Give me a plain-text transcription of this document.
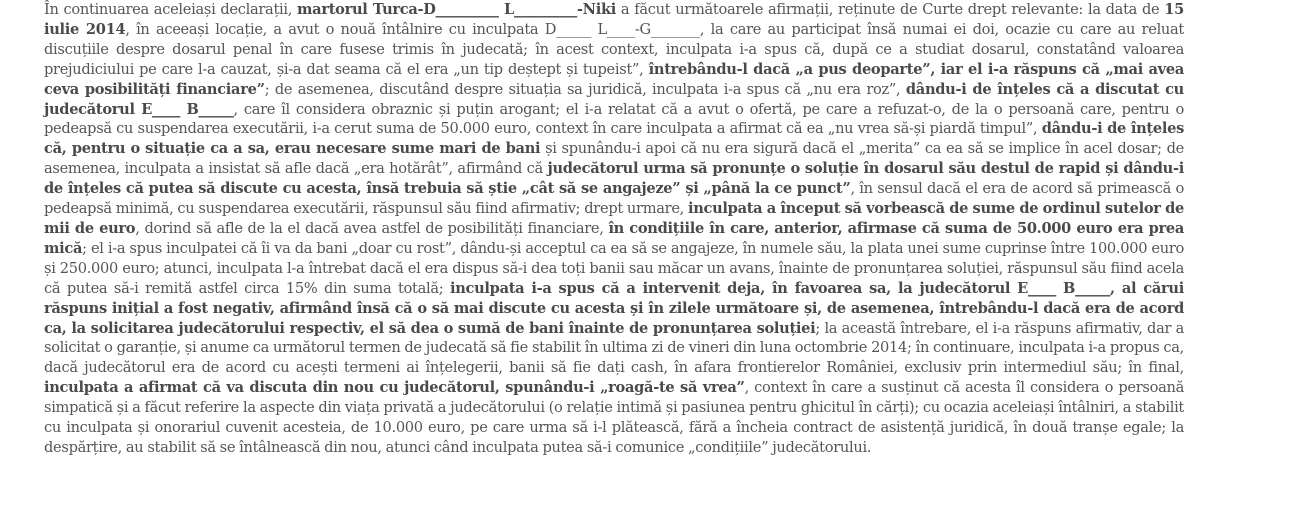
În continuarea aceleiași declarații, martorul Turca-D_________ L_________-Niki a făcut următoarele afirmații, reținute de Curte drept relevante: la data de 15 iulie 2014, în aceeași locație, a avut o nouă întâlnire cu inculpata D_____ L____-G_______, la care au participat însă numai ei doi, ocazie cu care au reluat discuțiile despre dosarul penal în care fusese trimis în judecată; în acest context, inculpata i-a spus că, după ce a studiat dosarul, constatând valoarea prejudiciului pe care l-a cauzat, și-a dat seama că el era „un tip deștept și tupeist”, întrebându-l dacă „a pus deoparte”, iar el i-a răspuns că „mai avea ceva posibilități financiare”; de asemenea, discutând despre situația sa juridică, inculpata i-a spus că „nu era roz”, dându-i de înțeles că a discutat cu judecătorul E____ B_____, care îl considera obraznic și puțin arogant; el i-a relatat că a avut o ofertă, pe care a refuzat-o, de la o persoană care, pentru o pedeapsă cu suspendarea executării, i-a cerut suma de 50.000 euro, context în care inculpata a afirmat că ea „nu vrea să-și piardă timpul”, dându-i de înțeles că, pentru o situație ca a sa, erau necesare sume mari de bani și spunându-i apoi că nu era sigură dacă el „merita” ca ea să se implice în acel dosar; de asemenea, inculpata a insistat să afle dacă „era hotărât”, afirmând că judecătorul urma să pronunțe o soluție în dosarul său destul de rapid și dându-i de înțeles că putea să discute cu acesta, însă trebuia să știe „cât să se angajeze” și „până la ce punct”, în sensul dacă el era de acord să primească o pedeapsă minimă, cu suspendarea executării, răspunsul său fiind afirmativ; drept urmare, inculpata a început să vorbească de sume de ordinul sutelor de mii de euro, dorind să afle de la el dacă avea astfel de posibilități financiare, în condițiile în care, anterior, afirmase că suma de 50.000 euro era prea mică; el i-a spus inculpatei că îi va da bani „doar cu rost”, dându-și acceptul ca ea să se angajeze, în numele său, la plata unei sume cuprinse între 100.000 euro și 250.000 euro; atunci, inculpata l-a întrebat dacă el era dispus să-i dea toți banii sau măcar un avans, înainte de pronunțarea soluției, răspunsul său fiind acela că putea să-i remită astfel circa 15% din suma totală; inculpata i-a spus că a intervenit deja, în favoarea sa, la judecătorul E____ B_____, al cărui răspuns inițial a fost negativ, afirmând însă că o să mai discute cu acesta și în zilele următoare și, de asemenea, întrebându-l dacă era de acord ca, la solicitarea judecătorului respectiv, el să dea o sumă de bani înainte de pronunțarea soluției; la această întrebare, el i-a răspuns afirmativ, dar a solicitat o garanție, și anume ca următorul termen de judecată să fie stabilit în ultima zi de vineri din luna octombrie 2014; în continuare, inculpata i-a propus ca, dacă judecătorul era de acord cu acești termeni ai înțelegerii, banii să fie dați cash, în afara frontierelor României, exclusiv prin intermediul său; în final, inculpata a afirmat că va discuta din nou cu judecătorul, spunându-i „roagă-te să vrea”, context în care a susținut că acesta îl considera o persoană simpatică și a făcut referire la aspecte din viața privată a judecătorului (o relație intimă și pasiunea pentru ghicitul în cărți); cu ocazia aceleiași întâlniri, a stabilit cu inculpata și onorariul cuvenit acesteia, de 10.000 euro, pe care urma să i-l plătească, fără a încheia contract de asistență juridică, în două tranșe egale; la despărțire, au stabilit să se întâlnească din nou, atunci când inculpata putea să-i comunice „condițiile” judecătorului.
